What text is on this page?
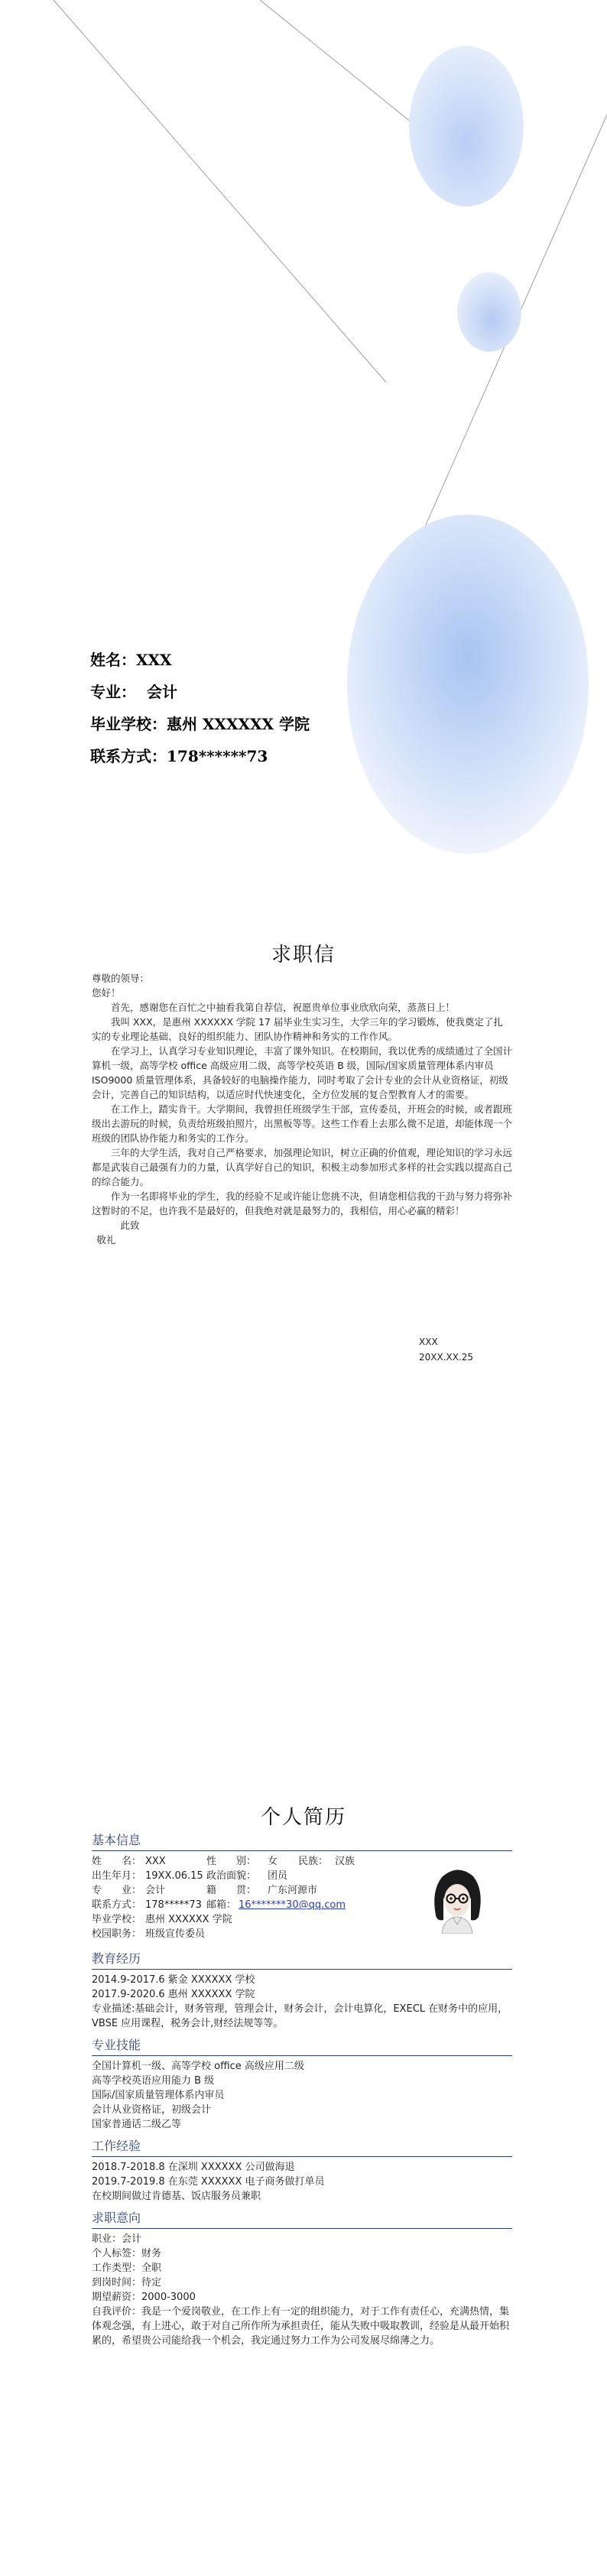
姓名：XXX
专业： 会计
毕业学校：惠州 XXXXXX 学院
联系方式：178******73
求职信

尊敬的领导：

您好！

首先，感谢您在百忙之中抽看我第自荐信，祝愿贵单位事业欣欣向荣，蒸蒸日上！

我叫 XXX，是惠州 XXXXXX 学院 17 届毕业生实习生，大学三年的学习锻炼，使我奠定了扎实的专业理论基础、良好的组织能力、团队协作精神和务实的工作作风。

在学习上，认真学习专业知识理论，丰富了课外知识。在校期间，我以优秀的成绩通过了全国计算机一级，高等学校 office 高级应用二级，高等学校英语 B 级，国际/国家质量管理体系内审员 ISO9000 质量管理体系，具备较好的电脑操作能力，同时考取了会计专业的会计从业资格证，初级会计，完善自己的知识结构，以适应时代快速变化，全方位发展的复合型教育人才的需要。

在工作上，踏实肯干。大学期间，我曾担任班级学生干部，宣传委员，开班会的时候，或者跟班级出去游玩的时候，负责给班级拍照片，出黑板等等。这些工作看上去那么微不足道，却能体现一个班级的团队协作能力和务实的工作分。

三年的大学生活，我对自己严格要求，加强理论知识，树立正确的价值观，理论知识的学习永远都是武装自己最强有力的力量，认真学好自己的知识，积极主动参加形式多样的社会实践以提高自己的综合能力。

作为一名即将毕业的学生，我的经验不足或许能让您挑不决，但请您相信我的干劲与努力将弥补这暂时的不足，也许我不是最好的，但我绝对就是最努力的，我相信，用心必赢的精彩！

此致

敬礼

XXX
20XX.XX.25
个人简历
基本信息
姓　　名： XXX	性　　别： 女 民族： 汉族
出生年月： 19XX.06.15 政治面貌： 团员
专　　业： 会计	籍　　贯： 广东河源市
联系方式： 178*****73 邮箱： 16*******30@qq.com
毕业学校： 惠州 XXXXXX 学院
校园职务： 班级宣传委员
教育经历
2014.9-2017.6 紫金 XXXXXX 学校
2017.9-2020.6 惠州 XXXXXX 学院
专业描述:基础会计，财务管理，管理会计，财务会计，会计电算化，EXECL 在财务中的应用，VBSE 应用课程，税务会计,财经法规等等。
专业技能
全国计算机一级、高等学校 office 高级应用二级
高等学校英语应用能力 B 级
国际/国家质量管理体系内审员
会计从业资格证，初级会计
国家普通话二级乙等
工作经验
2018.7-2018.8 在深圳 XXXXXX 公司做海退
2019.7-2019.8 在东莞 XXXXXX 电子商务做打单员
在校期间做过肯德基、饭店服务员兼职
求职意向
职业：会计
个人标签：财务
工作类型：全职
到岗时间：待定
期望薪资：2000-3000
自我评价：我是一个爱岗敬业，在工作上有一定的组织能力，对于工作有责任心，充满热情，集体观念强，有上进心，敢于对自己所作所为承担责任，能从失败中吸取教训，经验是从最开始积累的，希望贵公司能给我一个机会，我定通过努力工作为公司发展尽绵薄之力。
